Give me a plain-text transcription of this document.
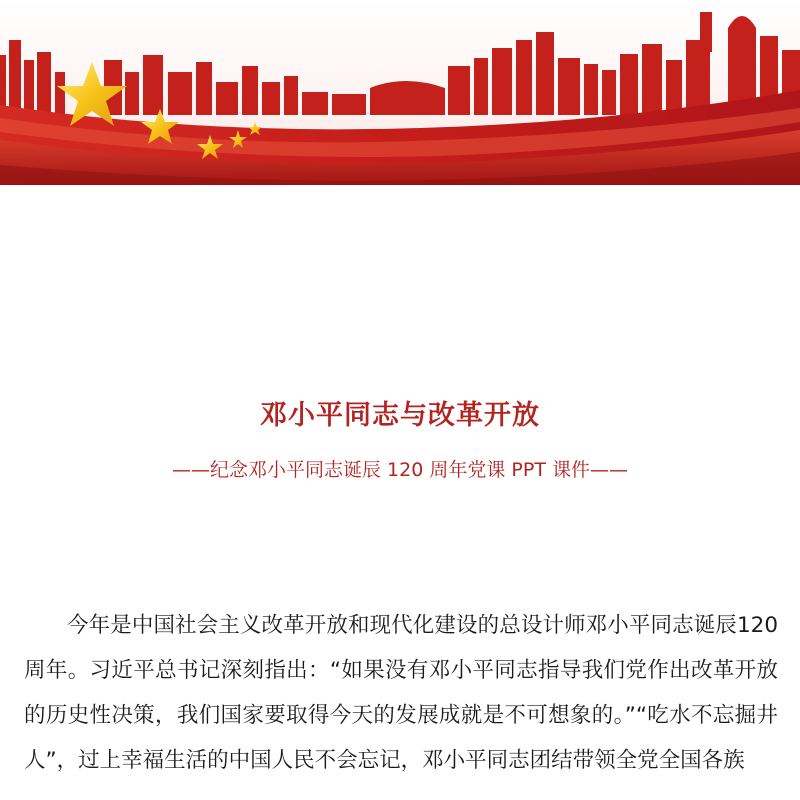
邓小平同志与改革开放

——纪念邓小平同志诞辰 120 周年党课 PPT 课件——

今年是中国社会主义改革开放和现代化建设的总设计师邓小平同志诞辰120周年。习近平总书记深刻指出：“如果没有邓小平同志指导我们党作出改革开放的历史性决策，我们国家要取得今天的发展成就是不可想象的。”“吃水不忘掘井人”，过上幸福生活的中国人民不会忘记，邓小平同志团结带领全党全国各族
